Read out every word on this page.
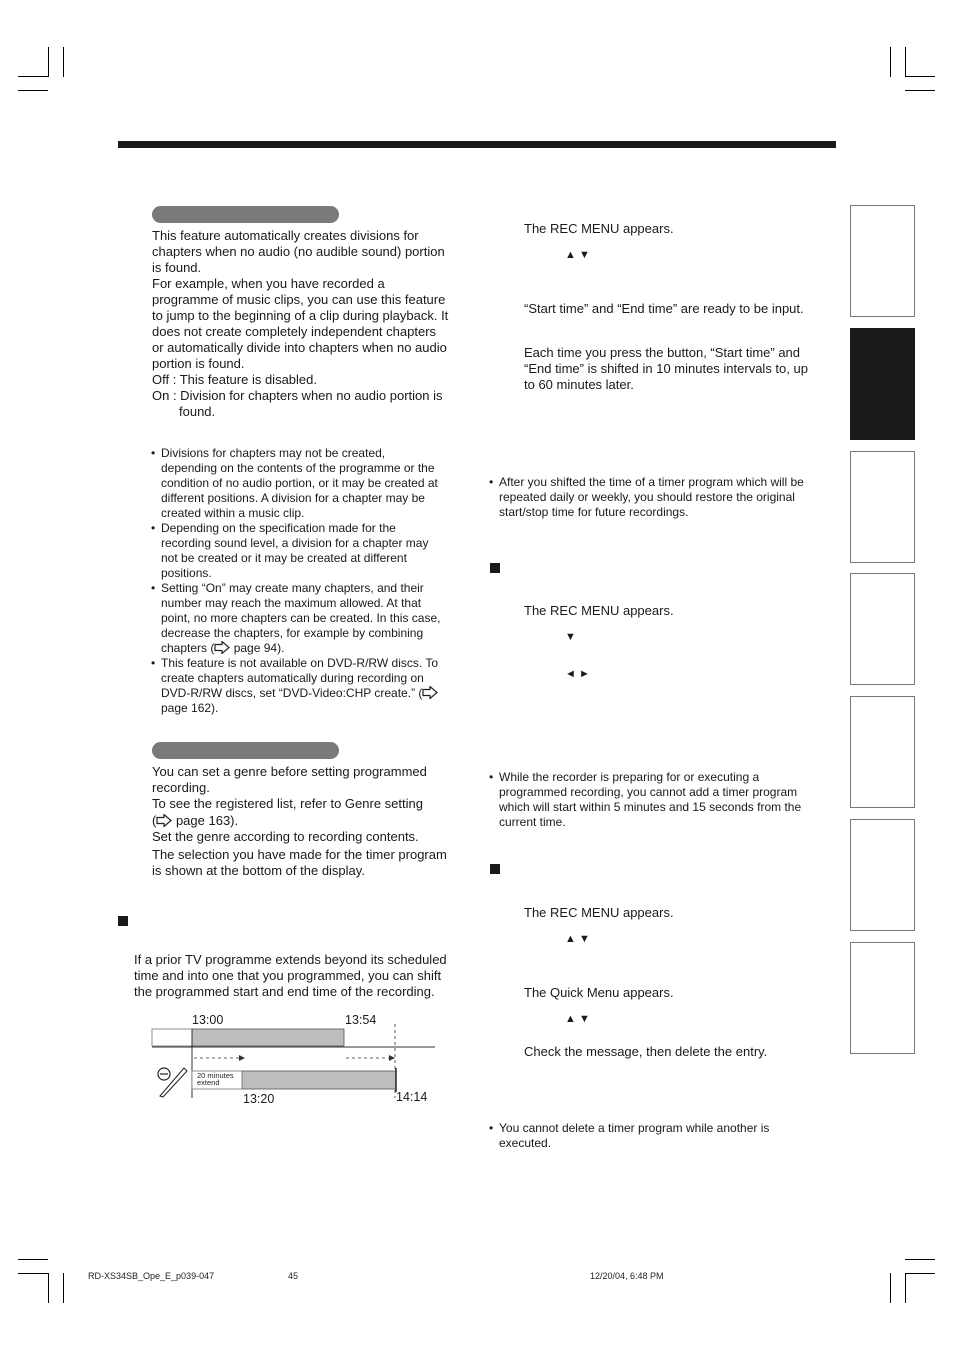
This feature automatically creates divisions for
chapters when no audio (no audible sound) portion
is found.
For example, when you have recorded a
programme of music clips, you can use this feature
to jump to the beginning of a clip during playback. It
does not create completely independent chapters
or automatically divide into chapters when no audio
portion is found.
Off : This feature is disabled.
On : Division for chapters when no audio portion is
found.
• Divisions for chapters may not be created,
depending on the contents of the programme or the
condition of no audio portion, or it may be created at
different positions. A division for a chapter may be
created within a music clip.
• Depending on the specification made for the
recording sound level, a division for a chapter may
not be created or it may be created at different
positions.
• Setting “On” may create many chapters, and their
number may reach the maximum allowed. At that
point, no more chapters can be created. In this case,
decrease the chapters, for example by combining
chapters ( page 94).
• This feature is not available on DVD-R/RW discs. To
create chapters automatically during recording on
DVD-R/RW discs, set “DVD-Video:CHP create.” (
page 162).
You can set a genre before setting programmed
recording.
To see the registered list, refer to Genre setting
( page 163).
Set the genre according to recording contents.
The selection you have made for the timer program
is shown at the bottom of the display.
If a prior TV programme extends beyond its scheduled
time and into one that you programmed, you can shift
the programmed start and end time of the recording.
13:00	13:54
20 minutes
extend
13:20	14:14
The REC MENU appears.
▲ ▼
“Start time” and “End time” are ready to be input.
Each time you press the button, “Start time” and
“End time” is shifted in 10 minutes intervals to, up
to 60 minutes later.
• After you shifted the time of a timer program which will be
repeated daily or weekly, you should restore the original
start/stop time for future recordings.
The REC MENU appears.
▼
◄ ►
• While the recorder is preparing for or executing a
programmed recording, you cannot add a timer program
which will start within 5 minutes and 15 seconds from the
current time.
The REC MENU appears.
▲ ▼
The Quick Menu appears.
▲ ▼
Check the message, then delete the entry.
• You cannot delete a timer program while another is
executed.
RD-XS34SB_Ope_E_p039-047	45	12/20/04, 6:48 PM
